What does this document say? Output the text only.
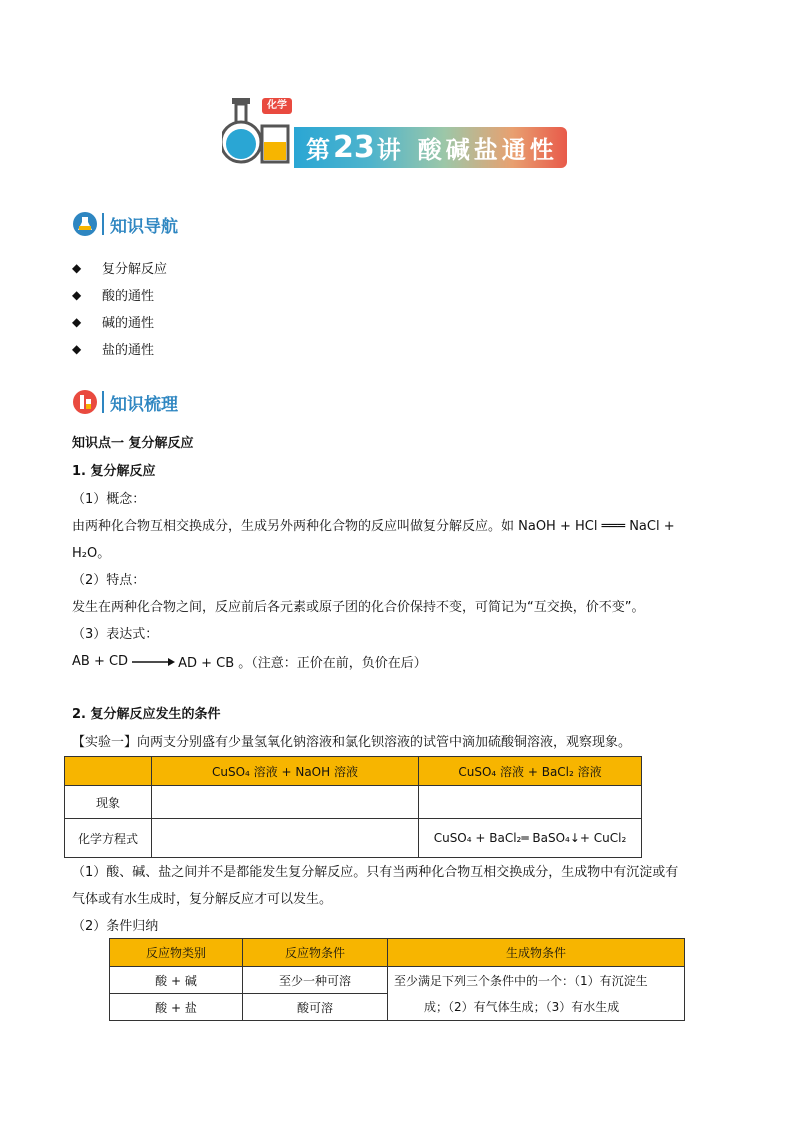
化学
第 23 讲 酸碱盐通性
知识导航
◆	复分解反应
◆	酸的通性
◆	碱的通性
◆	盐的通性
知识梳理
知识点一 复分解反应
1. 复分解反应
（1）概念：
由两种化合物互相交换成分，生成另外两种化合物的反应叫做复分解反应。如 NaOH + HCl ═══ NaCl +
H₂O。
（2）特点：
发生在两种化合物之间，反应前后各元素或原子团的化合价保持不变，可简记为“互交换，价不变”。
（3）表达式：
AB + CD	AD + CB 。（注意：正价在前，负价在后）
2. 复分解反应发生的条件
【实验一】向两支分别盛有少量氢氧化钠溶液和氯化钡溶液的试管中滴加硫酸铜溶液，观察现象。
	CuSO₄ 溶液 + NaOH 溶液	CuSO₄ 溶液 + BaCl₂ 溶液
现象		
化学方程式		CuSO₄ + BaCl₂═ BaSO₄↓+ CuCl₂
（1）酸、碱、盐之间并不是都能发生复分解反应。只有当两种化合物互相交换成分，生成物中有沉淀或有
气体或有水生成时，复分解反应才可以发生。
（2）条件归纳
反应物类别	反应物条件	生成物条件
酸 + 碱	至少一种可溶	至少满足下列三个条件中的一个：（1）有沉淀生
成；（2）有气体生成；（3）有水生成

酸 + 盐	酸可溶	
